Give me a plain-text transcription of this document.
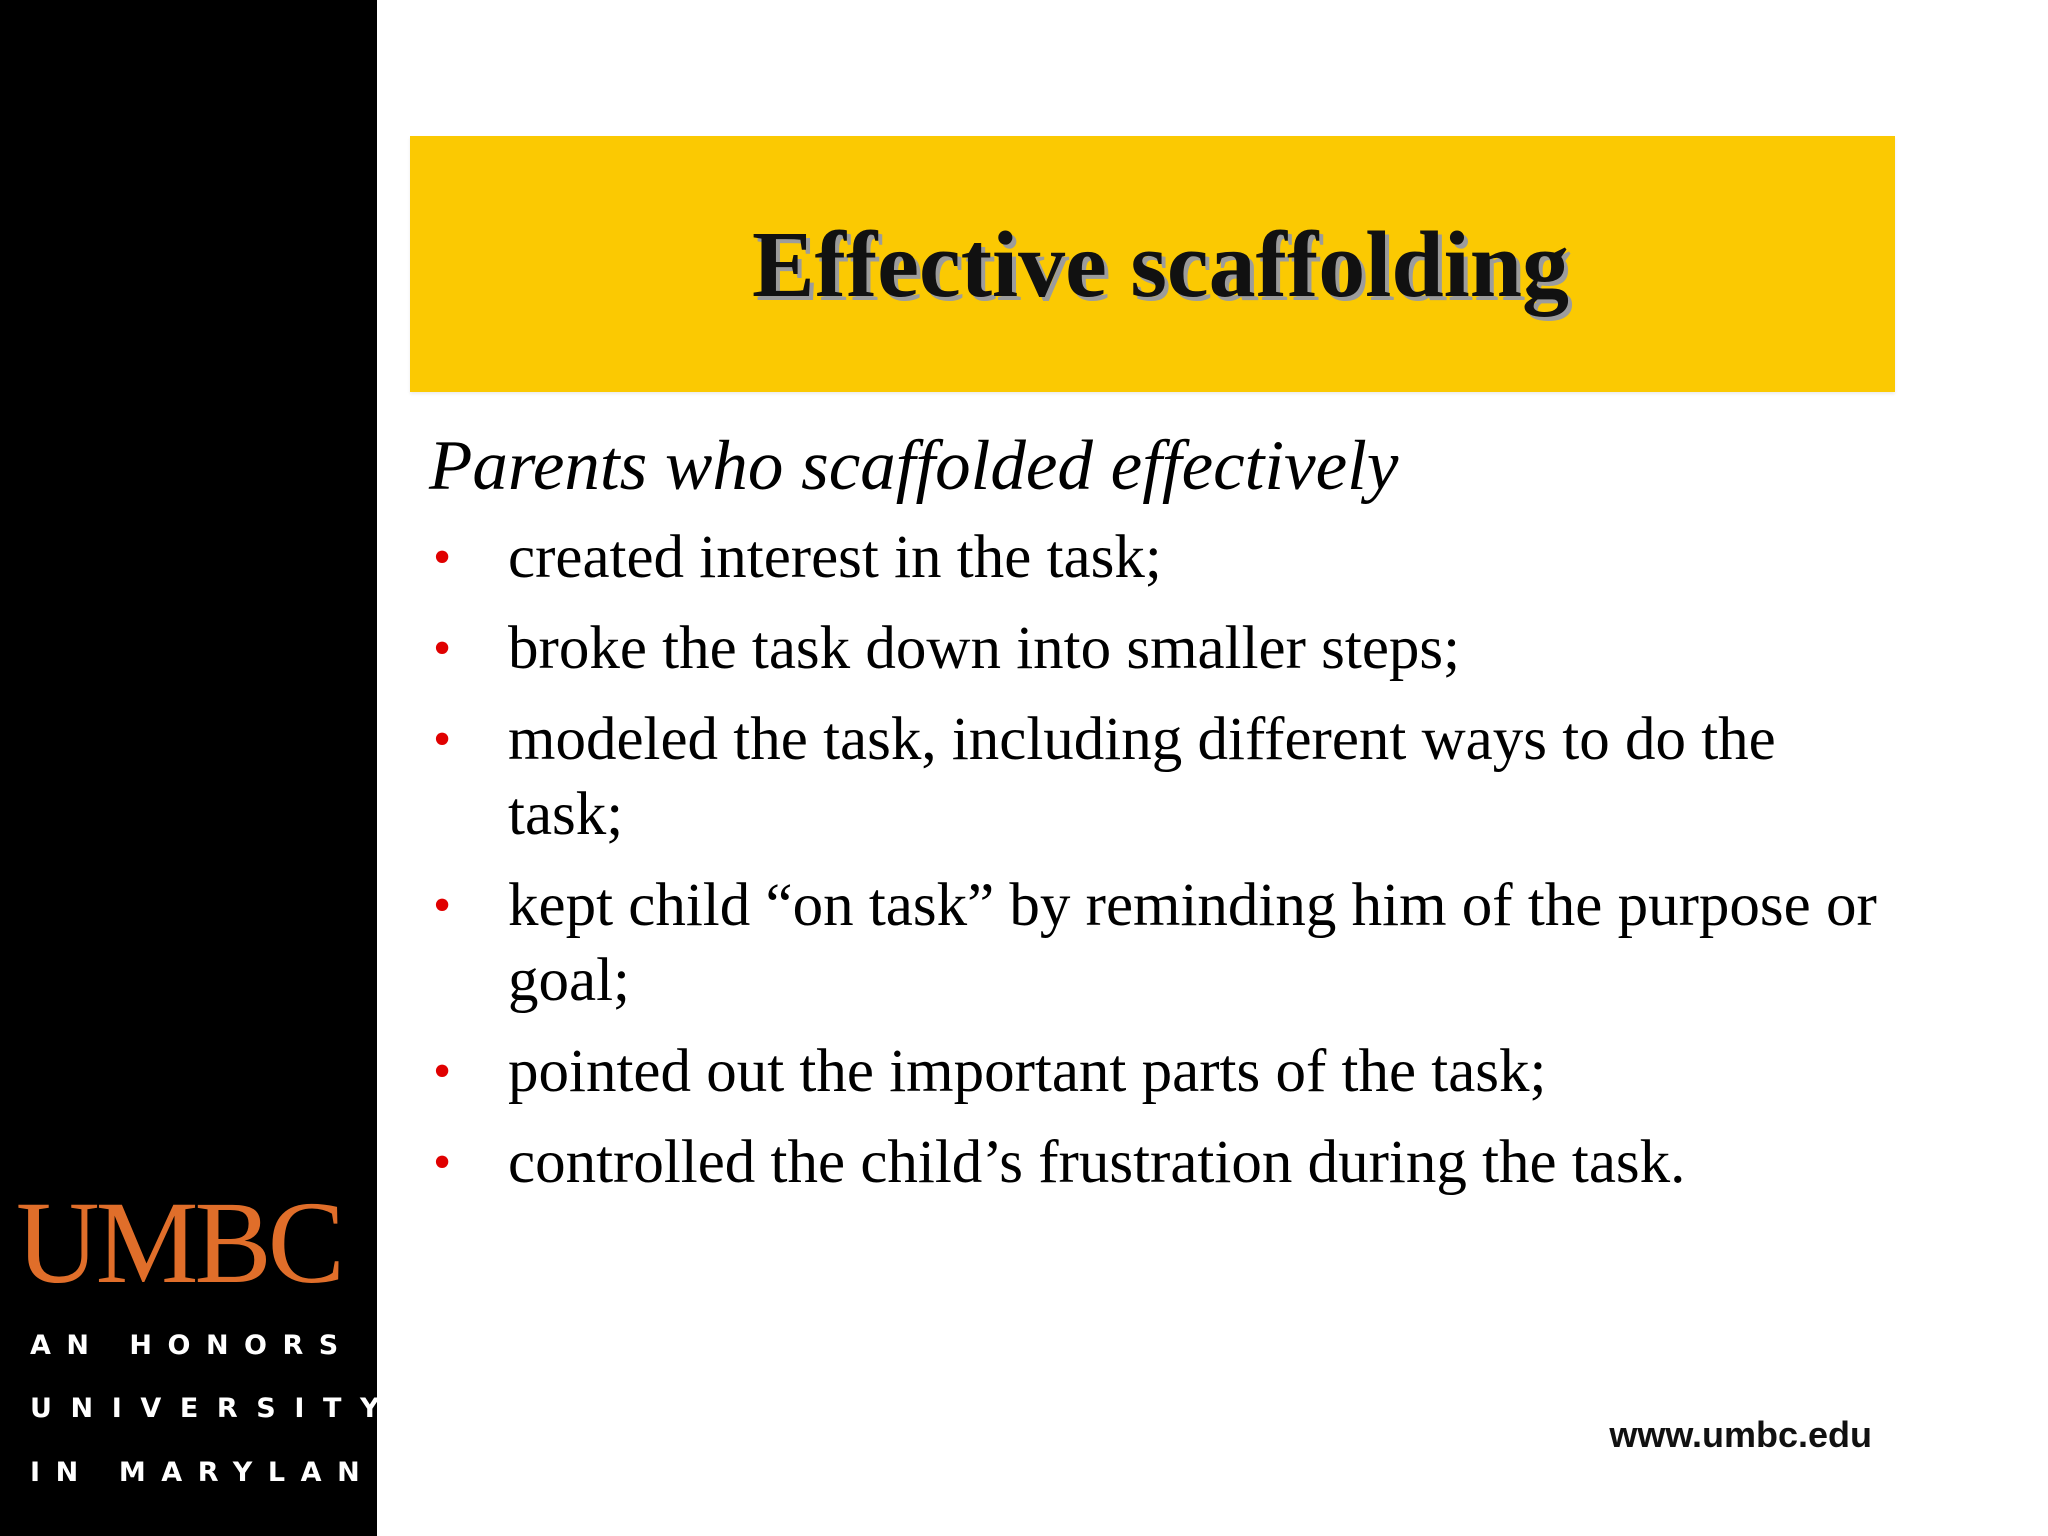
UMBC
AN HONORS
UNIVERSITY
IN MARYLAND
Effective scaffolding
Parents who scaffolded effectively
• created interest in the task;
• broke the task down into smaller steps;
• modeled the task, including different ways to do the task;
• kept child “on task” by reminding him of the purpose or goal;
• pointed out the important parts of the task;
• controlled the child’s frustration during the task.
www.umbc.edu
